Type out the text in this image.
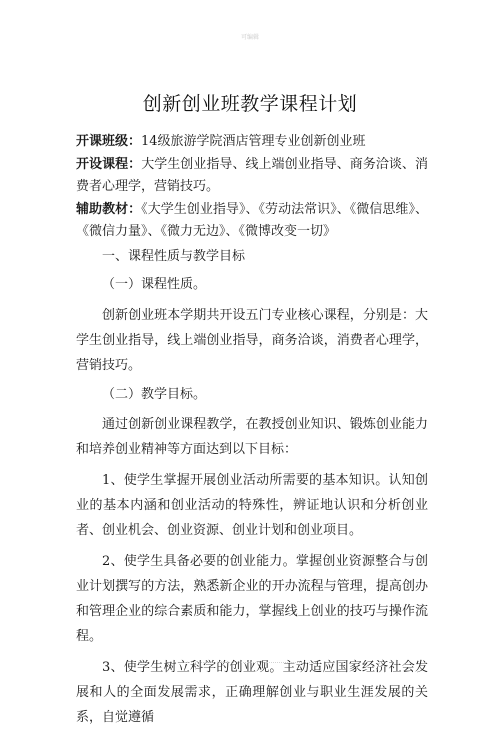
可编辑
创新创业班教学课程计划

开课班级：14级旅游学院酒店管理专业创新创业班

开设课程：大学生创业指导、线上端创业指导、商务洽谈、消费者心理学，营销技巧。

辅助教材：《大学生创业指导》、《劳动法常识》、《微信思维》、《微信力量》、《微力无边》、《微博改变一切》

一、课程性质与教学目标

（一）课程性质。

创新创业班本学期共开设五门专业核心课程，分别是：大学生创业指导，线上端创业指导，商务洽谈，消费者心理学，营销技巧。

（二）教学目标。

通过创新创业课程教学，在教授创业知识、锻炼创业能力和培养创业精神等方面达到以下目标：

1、使学生掌握开展创业活动所需要的基本知识。认知创业的基本内涵和创业活动的特殊性，辨证地认识和分析创业者、创业机会、创业资源、创业计划和创业项目。

2、使学生具备必要的创业能力。掌握创业资源整合与创业计划撰写的方法，熟悉新企业的开办流程与管理，提高创办和管理企业的综合素质和能力，掌握线上创业的技巧与操作流程。

3、使学生树立科学的创业观。主动适应国家经济社会发展和人的全面发展需求，正确理解创业与职业生涯发展的关系，自觉遵循
